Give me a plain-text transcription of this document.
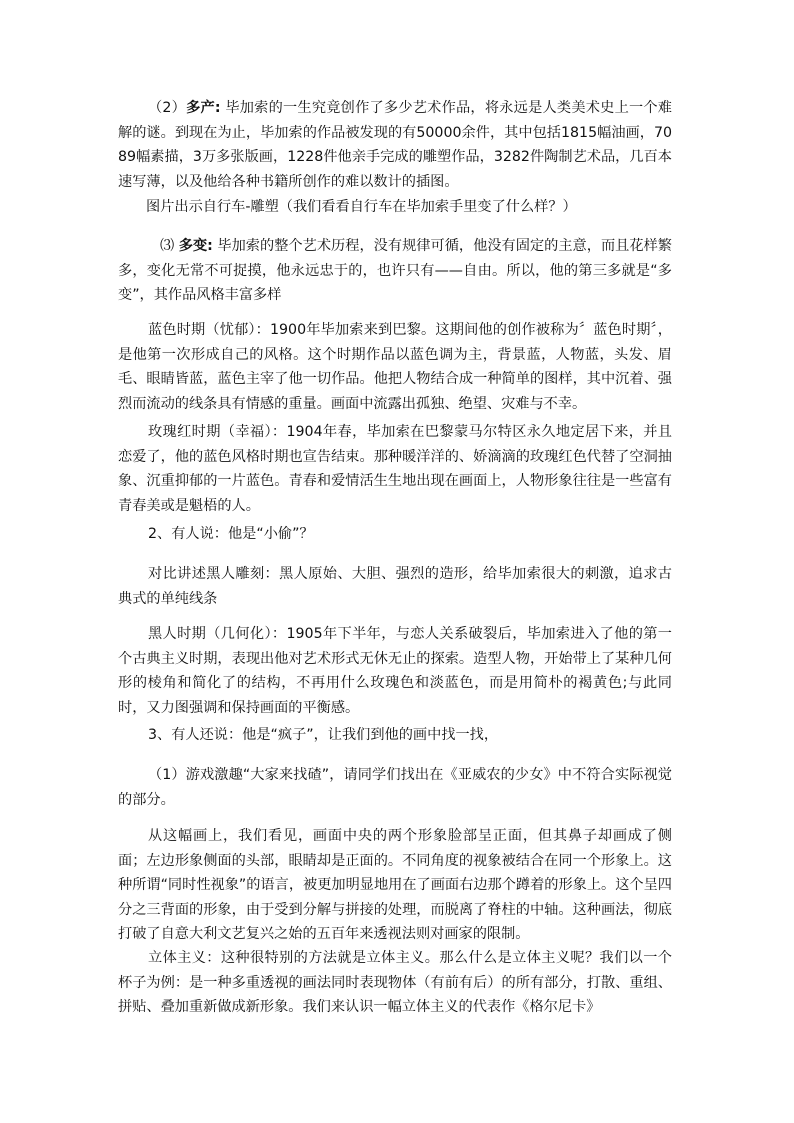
（2）多产: 毕加索的一生究竟创作了多少艺术作品，将永远是人类美术史上一个难解的谜。到现在为止，毕加索的作品被发现的有50000余件，其中包括1815幅油画，7089幅素描，3万多张版画，1228件他亲手完成的雕塑作品，3282件陶制艺术品，几百本速写薄，以及他给各种书籍所创作的难以数计的插图。

图片出示自行车-雕塑（我们看看自行车在毕加索手里变了什么样？）

⑶ 多变: 毕加索的整个艺术历程，没有规律可循，他没有固定的主意，而且花样繁多，变化无常不可捉摸，他永远忠于的，也许只有——自由。所以，他的第三多就是“多变”，其作品风格丰富多样

蓝色时期（忧郁）：1900年毕加索来到巴黎。这期间他的创作被称为〞蓝色时期〞，是他第一次形成自己的风格。这个时期作品以蓝色调为主，背景蓝，人物蓝，头发、眉毛、眼睛皆蓝，蓝色主宰了他一切作品。他把人物结合成一种简单的图样，其中沉着、强烈而流动的线条具有情感的重量。画面中流露出孤独、绝望、灾难与不幸。

玫瑰红时期（幸福）：1904年春，毕加索在巴黎蒙马尔特区永久地定居下来，并且恋爱了，他的蓝色风格时期也宣告结束。那种暖洋洋的、娇滴滴的玫瑰红色代替了空洞抽象、沉重抑郁的一片蓝色。青春和爱情活生生地出现在画面上，人物形象往往是一些富有青春美或是魁梧的人。

2、有人说：他是“小偷”？

对比讲述黑人雕刻：黑人原始、大胆、强烈的造形，给毕加索很大的刺激，追求古典式的单纯线条

黑人时期（几何化）：1905年下半年，与恋人关系破裂后，毕加索进入了他的第一个古典主义时期，表现出他对艺术形式无休无止的探索。造型人物，开始带上了某种几何形的棱角和简化了的结构，不再用什么玫瑰色和淡蓝色，而是用简朴的褐黄色;与此同时，又力图强调和保持画面的平衡感。

3、有人还说：他是“疯子”，让我们到他的画中找一找，

（1）游戏激趣“大家来找碴”，请同学们找出在《亚威农的少女》中不符合实际视觉的部分。

从这幅画上，我们看见，画面中央的两个形象脸部呈正面，但其鼻子却画成了侧面；左边形象侧面的头部，眼睛却是正面的。不同角度的视象被结合在同一个形象上。这种所谓“同时性视象”的语言，被更加明显地用在了画面右边那个蹲着的形象上。这个呈四分之三背面的形象，由于受到分解与拼接的处理，而脱离了脊柱的中轴。这种画法，彻底打破了自意大利文艺复兴之始的五百年来透视法则对画家的限制。

立体主义：这种很特别的方法就是立体主义。那么什么是立体主义呢？我们以一个杯子为例：是一种多重透视的画法同时表现物体（有前有后）的所有部分，打散、重组、拼贴、叠加重新做成新形象。我们来认识一幅立体主义的代表作《格尔尼卡》
